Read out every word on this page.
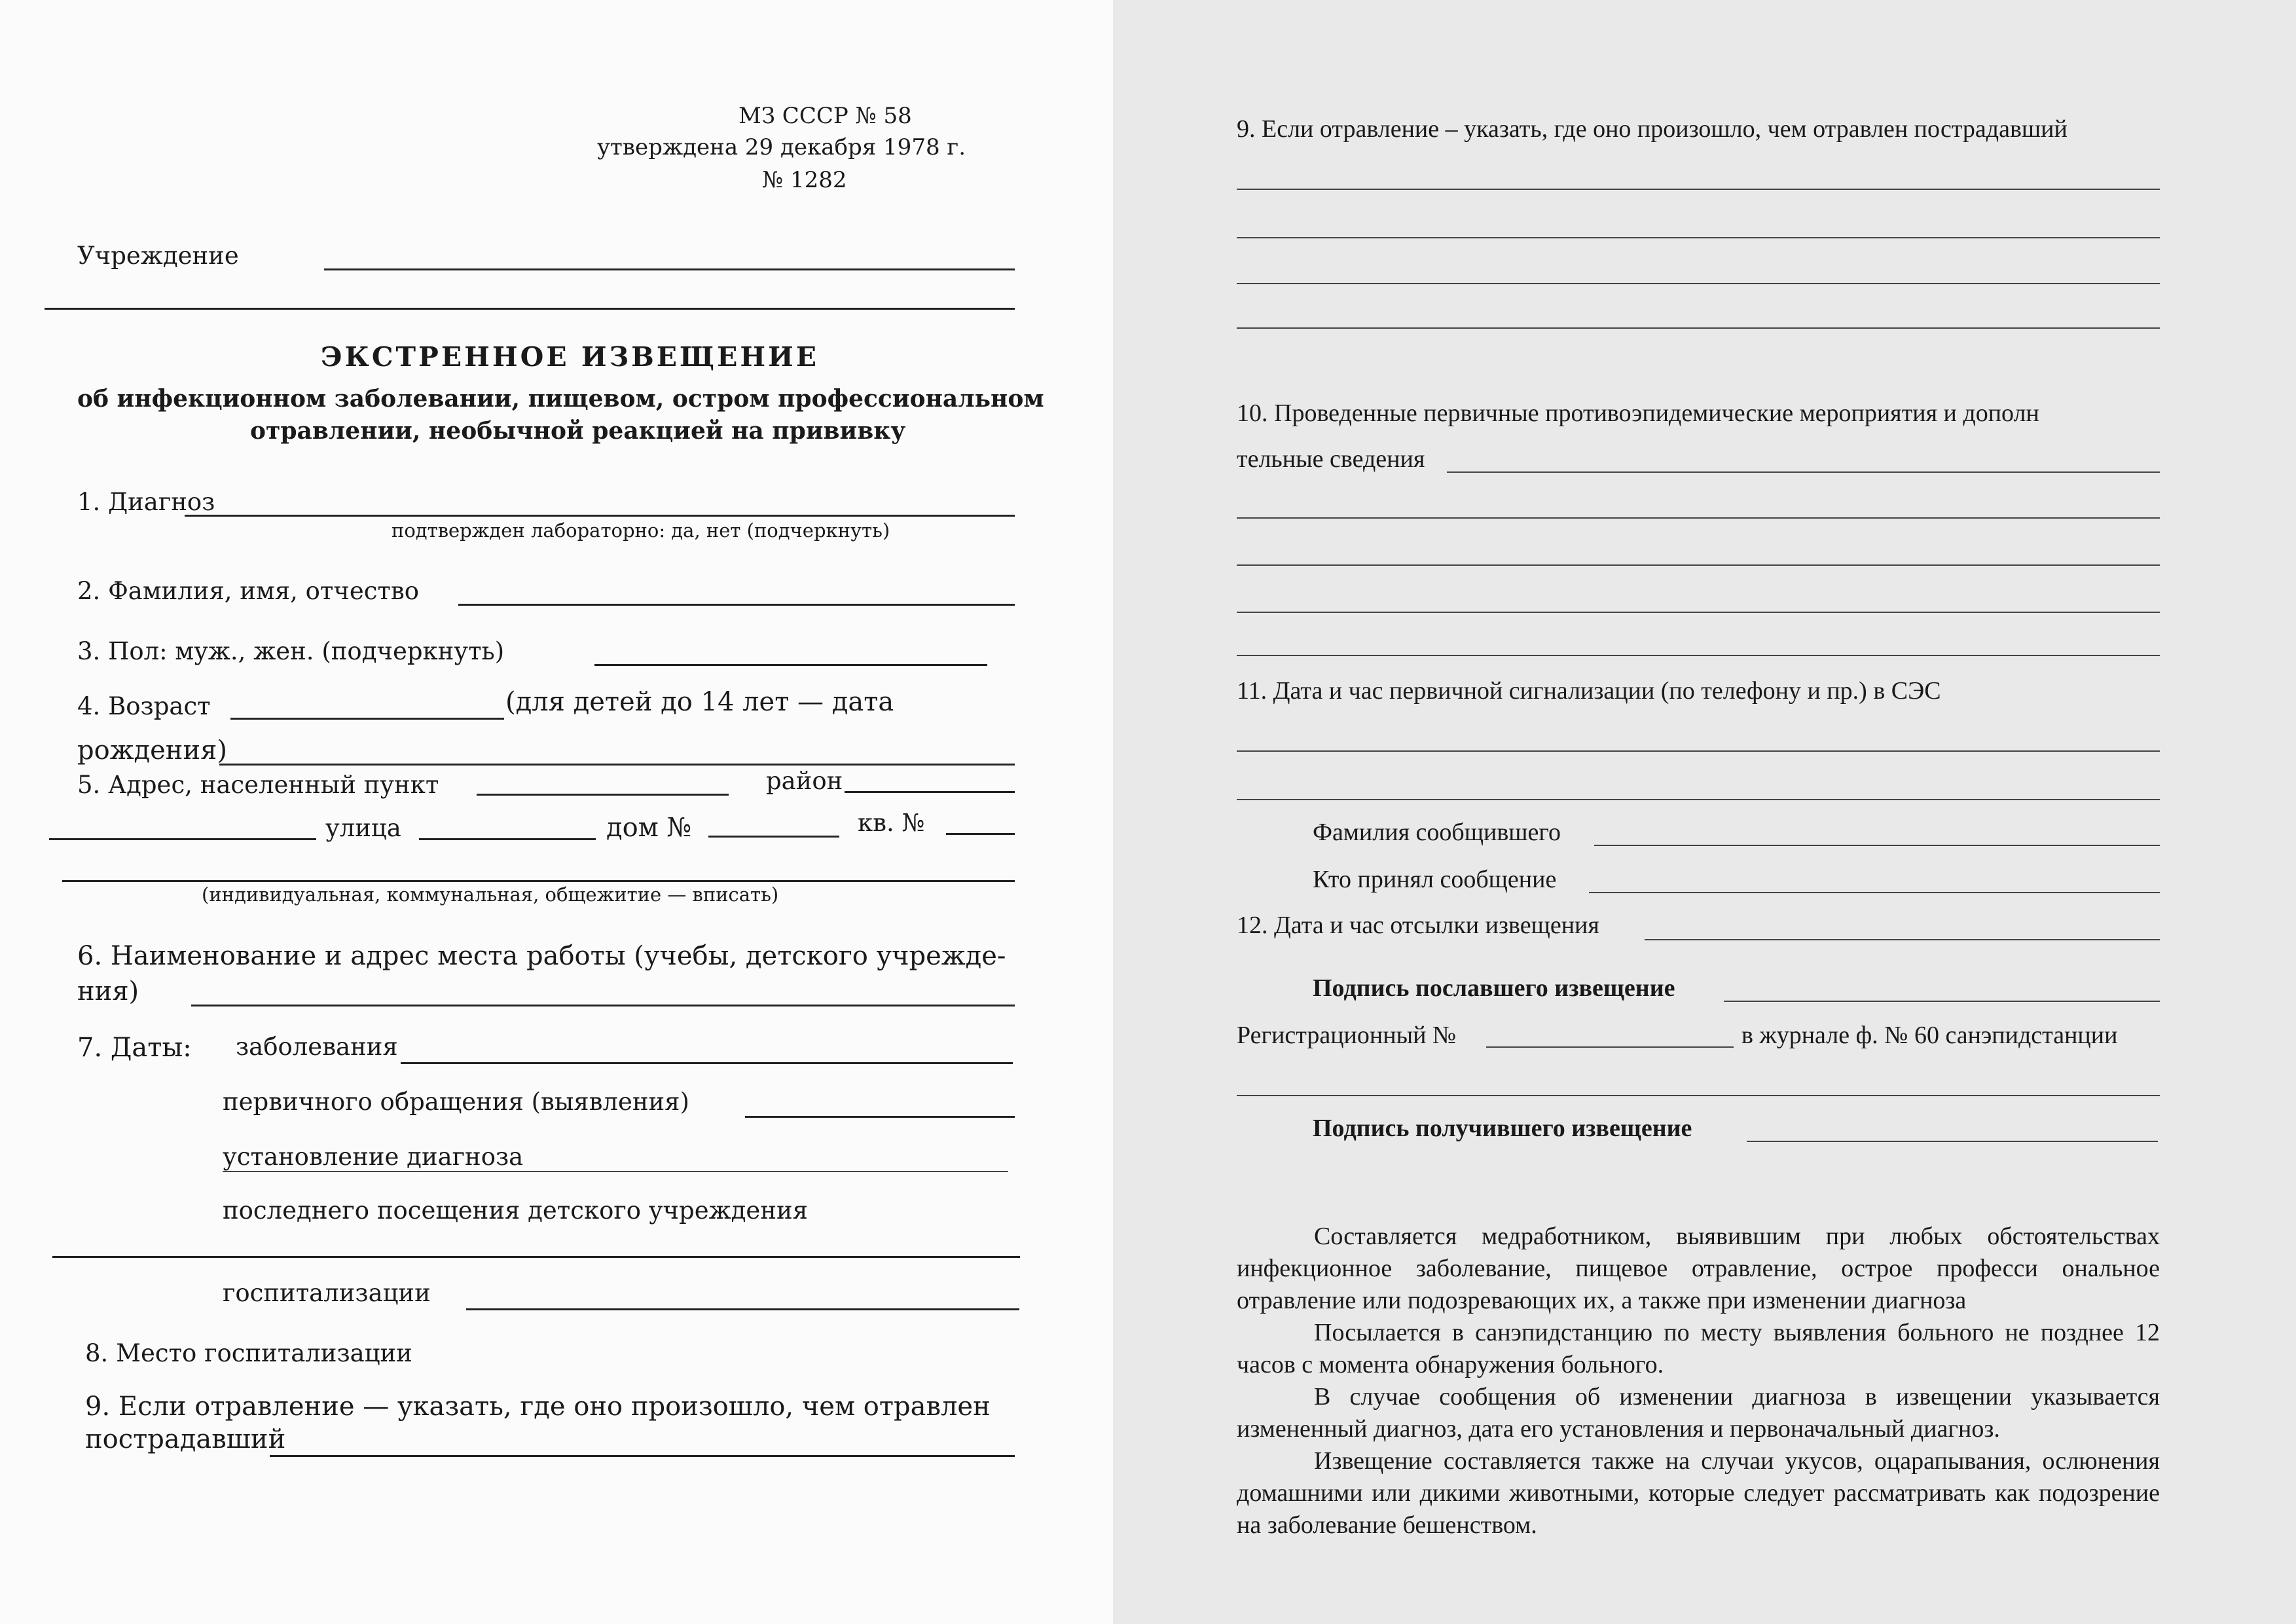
МЗ СССР № 58
утверждена 29 декабря 1978 г.
№ 1282
Учреждение
ЭКСТРЕННОЕ ИЗВЕЩЕНИЕ
об инфекционном заболевании, пищевом, остром профессиональном
отравлении, необычной реакцией на прививку
1. Диагноз
подтвержден лабораторно: да, нет (подчеркнуть)
2. Фамилия, имя, отчество
3. Пол: муж., жен. (подчеркнуть)
4. Возраст	(для детей до 14 лет — дата
рождения)
5. Адрес, населенный пункт	район
улица	дом №	кв. №
(индивидуальная, коммунальная, общежитие — вписать)
6. Наименование и адрес места работы (учебы, детского учрежде-
ния)
7. Даты: заболевания
первичного обращения (выявления)
установление диагноза
последнего посещения детского учреждения
госпитализации
8. Место госпитализации
9. Если отравление — указать, где оно произошло, чем отравлен
пострадавший
9. Если отравление – указать, где оно произошло, чем отравлен пострадавший
10. Проведенные первичные противоэпидемические мероприятия и дополн
тельные сведения
11. Дата и час первичной сигнализации (по телефону и пр.) в СЭС
Фамилия сообщившего
Кто принял сообщение
12. Дата и час отсылки извещения
Подпись пославшего извещение
Регистрационный №	в журнале ф. № 60 санэпидстанции
Подпись получившего извещение

Составляется медработником, выявившим при любых обстоятельствах инфекционное заболевание, пищевое отравление, острое професси ональное отравление или подозревающих их, а также при изменении диагноза

Посылается в санэпидстанцию по месту выявления больного не позднее 12 часов с момента обнаружения больного.

В случае сообщения об изменении диагноза в извещении указывается измененный диагноз, дата его установления и первоначальный диагноз.

Извещение составляется также на случаи укусов, оцарапывания, ослюнения домашними или дикими животными, которые следует рассматривать как подозрение на заболевание бешенством.
